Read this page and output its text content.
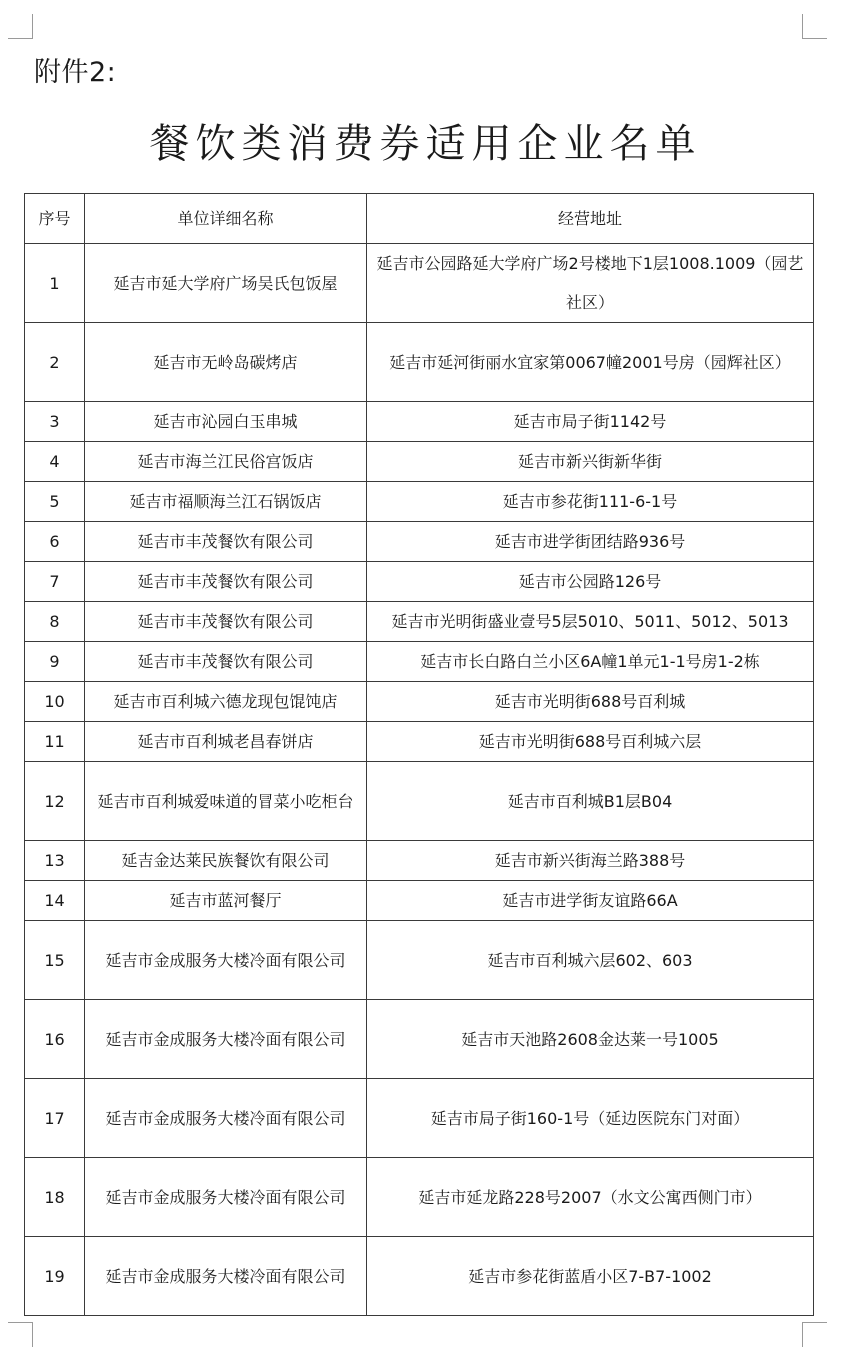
附件2:
餐饮类消费券适用企业名单
序号	单位详细名称	经营地址
1	延吉市延大学府广场吴氏包饭屋	延吉市公园路延大学府广场2号楼地下1层1008.1009（园艺社区）
2	延吉市无岭岛碳烤店	延吉市延河街丽水宜家第0067幢2001号房（园辉社区）
3	延吉市沁园白玉串城	延吉市局子街1142号
4	延吉市海兰江民俗宫饭店	延吉市新兴街新华街
5	延吉市福顺海兰江石锅饭店	延吉市参花街111-6-1号
6	延吉市丰茂餐饮有限公司	延吉市进学街团结路936号
7	延吉市丰茂餐饮有限公司	延吉市公园路126号
8	延吉市丰茂餐饮有限公司	延吉市光明街盛业壹号5层5010、5011、5012、5013
9	延吉市丰茂餐饮有限公司	延吉市长白路白兰小区6A幢1单元1-1号房1-2栋
10	延吉市百利城六德龙现包馄饨店	延吉市光明街688号百利城
11	延吉市百利城老昌春饼店	延吉市光明街688号百利城六层
12	延吉市百利城爱味道的冒菜小吃柜台	延吉市百利城B1层B04
13	延吉金达莱民族餐饮有限公司	延吉市新兴街海兰路388号
14	延吉市蓝河餐厅	延吉市进学街友谊路66A
15	延吉市金成服务大楼冷面有限公司	延吉市百利城六层602、603
16	延吉市金成服务大楼冷面有限公司	延吉市天池路2608金达莱一号1005
17	延吉市金成服务大楼冷面有限公司	延吉市局子街160-1号（延边医院东门对面）
18	延吉市金成服务大楼冷面有限公司	延吉市延龙路228号2007（水文公寓西侧门市）
19	延吉市金成服务大楼冷面有限公司	延吉市参花街蓝盾小区7-B7-1002
